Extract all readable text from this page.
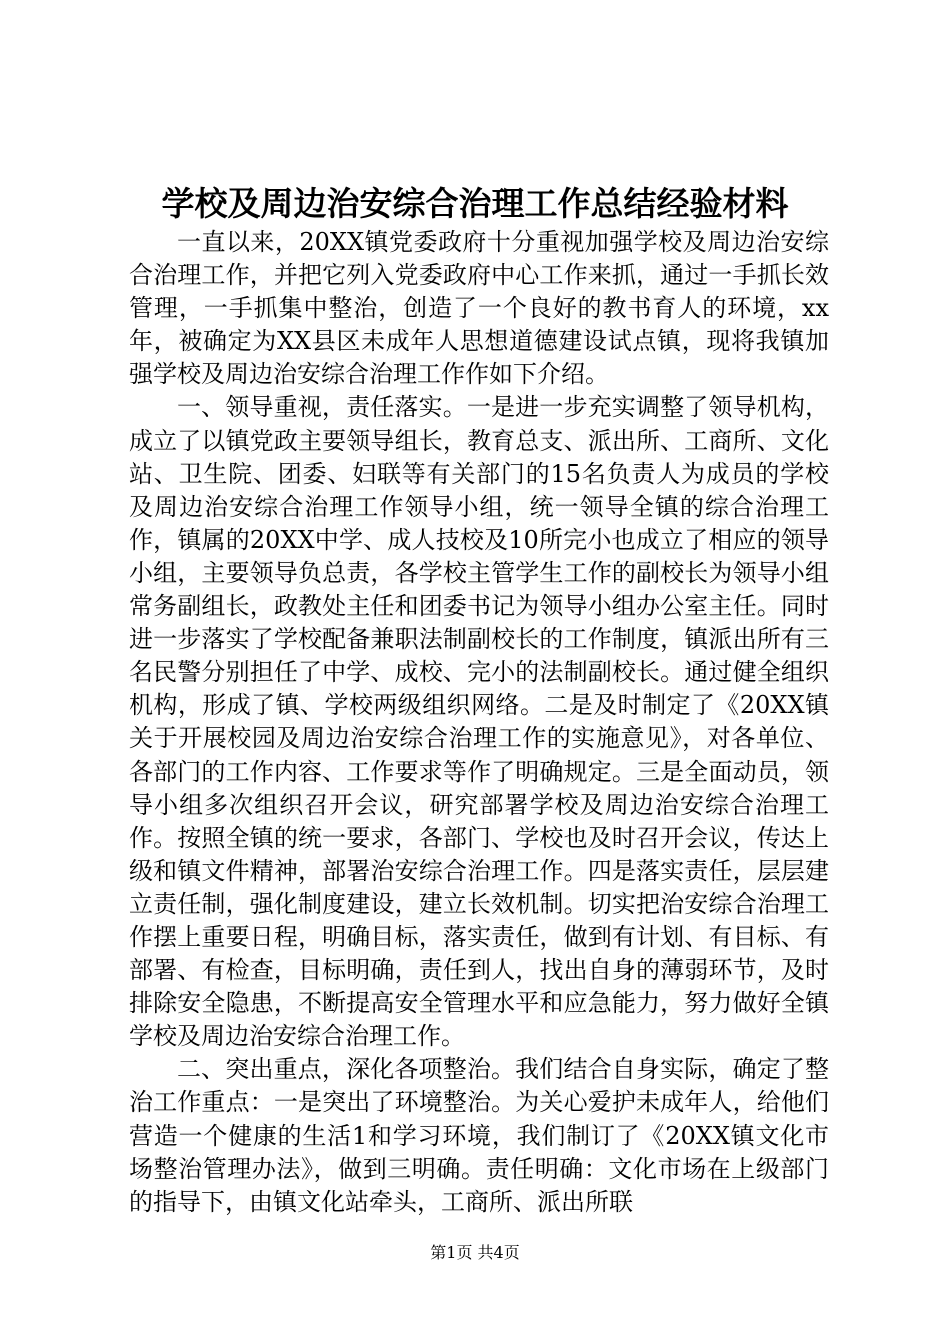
学校及周边治安综合治理工作总结经验材料

一直以来，20XX镇党委政府十分重视加强学校及周边治安综合治理工作，并把它列入党委政府中心工作来抓，通过一手抓长效管理，一手抓集中整治，创造了一个良好的教书育人的环境，xx年，被确定为XX县区未成年人思想道德建设试点镇，现将我镇加强学校及周边治安综合治理工作作如下介绍。

一、领导重视，责任落实。一是进一步充实调整了领导机构，成立了以镇党政主要领导组长，教育总支、派出所、工商所、文化站、卫生院、团委、妇联等有关部门的15名负责人为成员的学校及周边治安综合治理工作领导小组，统一领导全镇的综合治理工作，镇属的20XX中学、成人技校及10所完小也成立了相应的领导小组，主要领导负总责，各学校主管学生工作的副校长为领导小组常务副组长，政教处主任和团委书记为领导小组办公室主任。同时进一步落实了学校配备兼职法制副校长的工作制度，镇派出所有三名民警分别担任了中学、成校、完小的法制副校长。通过健全组织机构，形成了镇、学校两级组织网络。二是及时制定了《20XX镇关于开展校园及周边治安综合治理工作的实施意见》，对各单位、各部门的工作内容、工作要求等作了明确规定。三是全面动员，领导小组多次组织召开会议，研究部署学校及周边治安综合治理工作。按照全镇的统一要求，各部门、学校也及时召开会议，传达上级和镇文件精神，部署治安综合治理工作。四是落实责任，层层建立责任制，强化制度建设，建立长效机制。切实把治安综合治理工作摆上重要日程，明确目标，落实责任，做到有计划、有目标、有部署、有检查，目标明确，责任到人，找出自身的薄弱环节，及时排除安全隐患，不断提高安全管理水平和应急能力，努力做好全镇学校及周边治安综合治理工作。

二、突出重点，深化各项整治。我们结合自身实际，确定了整治工作重点：一是突出了环境整治。为关心爱护未成年人，给他们营造一个健康的生活1和学习环境，我们制订了《20XX镇文化市场整治管理办法》，做到三明确。责任明确：文化市场在上级部门的指导下，由镇文化站牵头，工商所、派出所联

第1页 共4页
